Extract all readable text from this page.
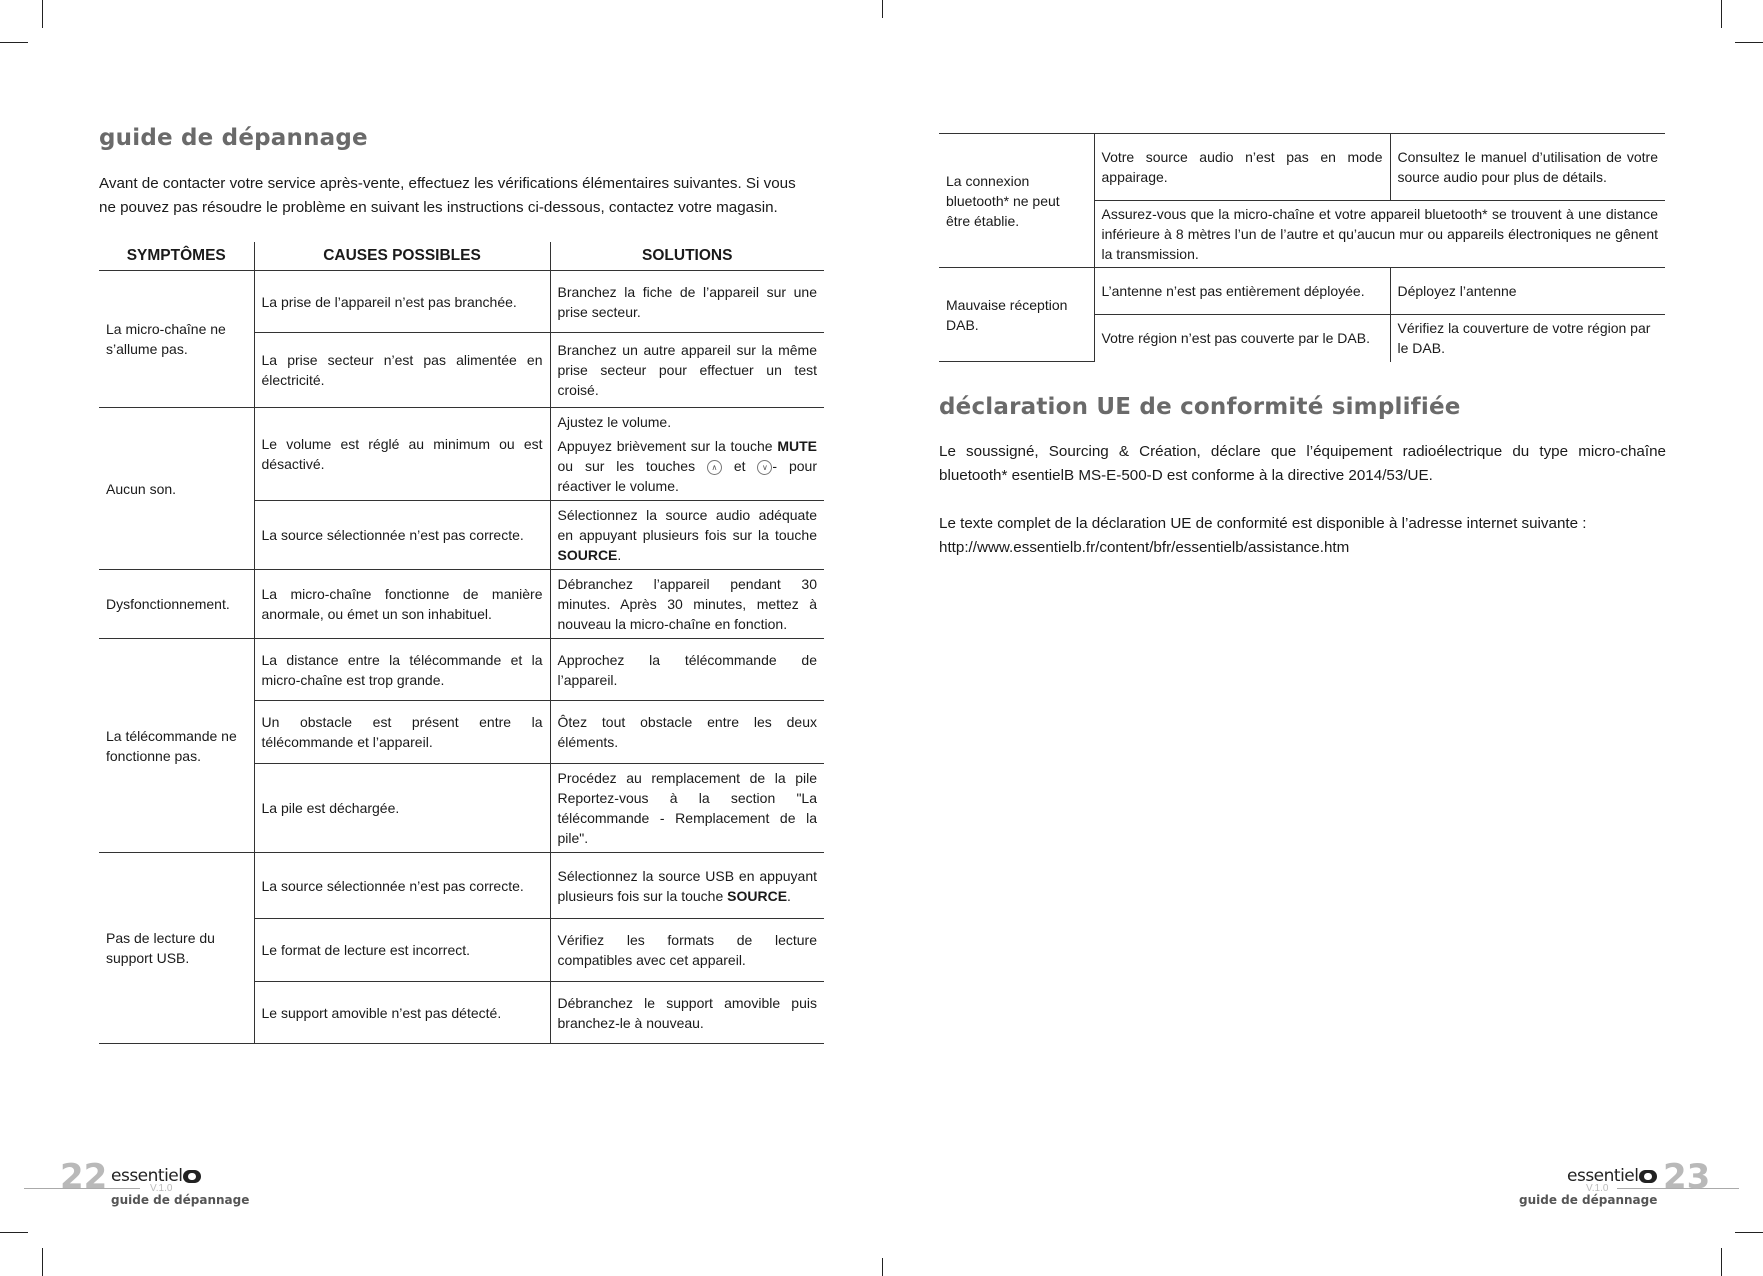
guide de dépannage

Avant de contacter votre service après-vente, effectuez les vérifications élémentaires suivantes. Si vous

ne pouvez pas résoudre le problème en suivant les instructions ci-dessous, contactez votre magasin.

SYMPTÔMES	CAUSES POSSIBLES	SOLUTIONS
La micro-chaîne ne s’allume pas.	La prise de l’appareil n’est pas branchée.	Branchez la fiche de l’appareil sur une prise secteur.
	La prise secteur n’est pas alimentée en électricité.	Branchez un autre appareil sur la même prise secteur pour effectuer un test croisé.
Aucun son.	Le volume est réglé au minimum ou est désactivé.	Ajustez le volume.

Appuyez brièvement sur la touche MUTE ou sur les touches ∧ et ∨ - pour réactiver le volume.

	La source sélectionnée n’est pas correcte.	Sélectionnez la source audio adéquate en appuyant plusieurs fois sur la touche SOURCE.
Dysfonctionnement.	La micro-chaîne fonctionne de manière anormale, ou émet un son inhabituel.	Débranchez l’appareil pendant 30 minutes. Après 30 minutes, mettez à nouveau la micro-chaîne en fonction.
La télécommande ne fonctionne pas.	La distance entre la télécommande et la micro-chaîne est trop grande.	Approchez la télécommande de l’appareil.
	Un obstacle est présent entre la télécommande et l’appareil.	Ôtez tout obstacle entre les deux éléments.
	La pile est déchargée.	Procédez au remplacement de la pile Reportez-vous à la section "La télécommande - Remplacement de la pile".
Pas de lecture du support USB.	La source sélectionnée n’est pas correcte.	Sélectionnez la source USB en appuyant plusieurs fois sur la touche SOURCE.
	Le format de lecture est incorrect.	Vérifiez les formats de lecture compatibles avec cet appareil.
	Le support amovible n’est pas détecté.	Débranchez le support amovible puis branchez-le à nouveau.
22 essentiel
V.1.0
guide de dépannage
La connexion bluetooth* ne peut être établie.	Votre source audio n’est pas en mode appairage.	Consultez le manuel d’utilisation de votre source audio pour plus de détails.
	Assurez-vous que la micro-chaîne et votre appareil bluetooth* se trouvent à une distance inférieure à 8 mètres l’un de l’autre et qu’aucun mur ou appareils électroniques ne gênent la transmission.	
Mauvaise réception DAB.	L’antenne n’est pas entièrement déployée.	Déployez l’antenne
	Votre région n’est pas couverte par le DAB.	Vérifiez la couverture de votre région par le DAB.
déclaration UE de conformité simplifiée

Le soussigné, Sourcing & Création, déclare que l’équipement radioélectrique du type micro-chaîne bluetooth* esentielB MS-E-500-D est conforme à la directive 2014/53/UE.

Le texte complet de la déclaration UE de conformité est disponible à l’adresse internet suivante :

http://www.essentielb.fr/content/bfr/essentielb/assistance.htm

23
essentiel
V.1.0
guide de dépannage
